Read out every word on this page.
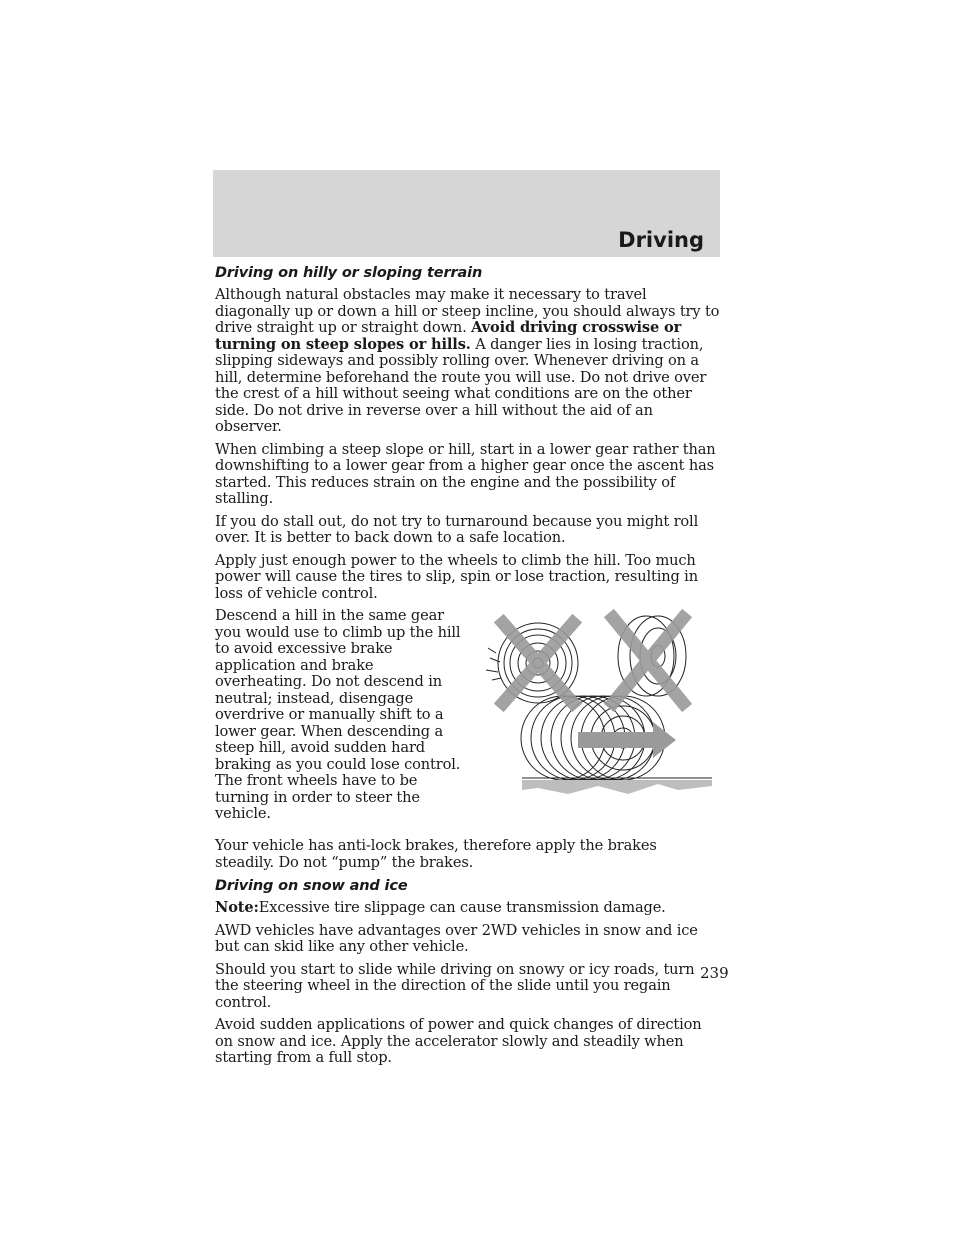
Driving
Driving on hilly or sloping terrain

Although natural obstacles may make it necessary to travel diagonally up or down a hill or steep incline, you should always try to drive straight up or straight down. Avoid driving crosswise or turning on steep slopes or hills. A danger lies in losing traction, slipping sideways and possibly rolling over. Whenever driving on a hill, determine beforehand the route you will use. Do not drive over the crest of a hill without seeing what conditions are on the other side. Do not drive in reverse over a hill without the aid of an observer.

When climbing a steep slope or hill, start in a lower gear rather than downshifting to a lower gear from a higher gear once the ascent has started. This reduces strain on the engine and the possibility of stalling.

If you do stall out, do not try to turnaround because you might roll over. It is better to back down to a safe location.

Apply just enough power to the wheels to climb the hill. Too much power will cause the tires to slip, spin or lose traction, resulting in loss of vehicle control.

Descend a hill in the same gear you would use to climb up the hill to avoid excessive brake application and brake overheating. Do not descend in neutral; instead, disengage overdrive or manually shift to a lower gear. When descending a steep hill, avoid sudden hard braking as you could lose control. The front wheels have to be turning in order to steer the vehicle.

Your vehicle has anti-lock brakes, therefore apply the brakes steadily. Do not “pump” the brakes.

Driving on snow and ice

Note:Excessive tire slippage can cause transmission damage.

AWD vehicles have advantages over 2WD vehicles in snow and ice but can skid like any other vehicle.

Should you start to slide while driving on snowy or icy roads, turn the steering wheel in the direction of the slide until you regain control.

Avoid sudden applications of power and quick changes of direction on snow and ice. Apply the accelerator slowly and steadily when starting from a full stop.

239
